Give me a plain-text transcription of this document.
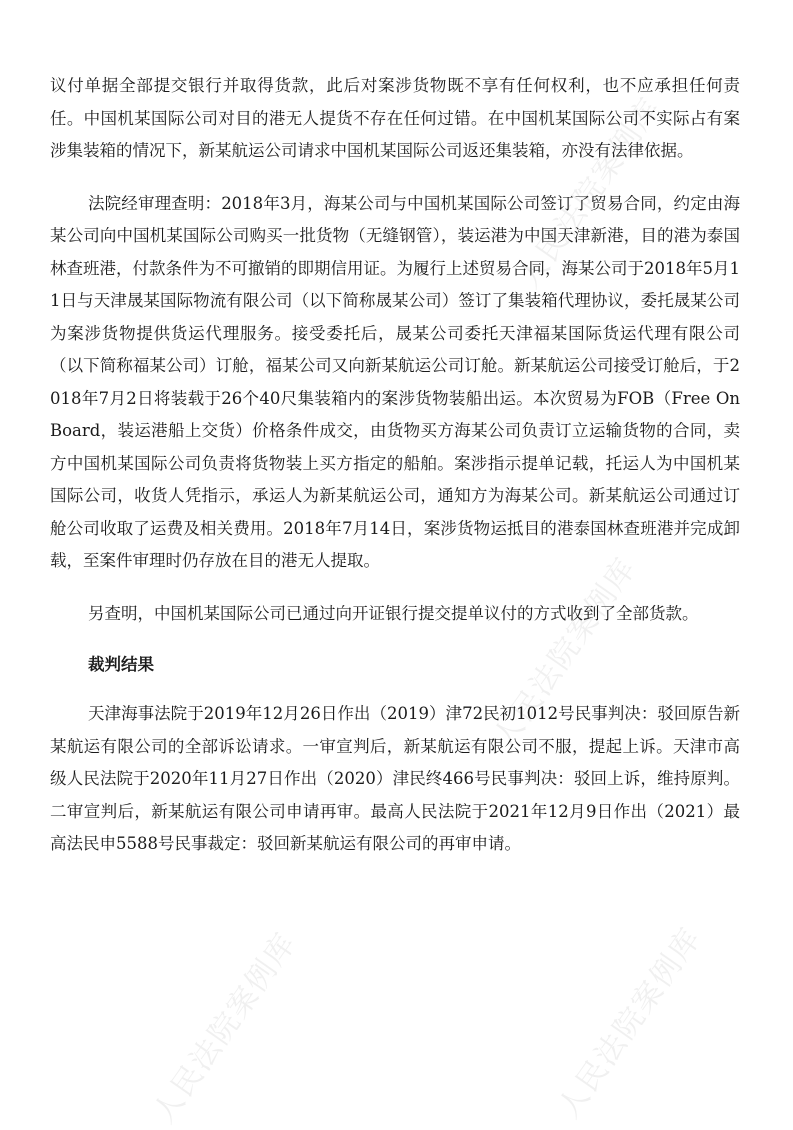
人民法院案例库
人民法院案例库
人民法院案例库	人民法院案例库

议付单据全部提交银行并取得货款，此后对案涉货物既不享有任何权利，也不应承担任何责任。中国机某国际公司对目的港无人提货不存在任何过错。在中国机某国际公司不实际占有案涉集装箱的情况下，新某航运公司请求中国机某国际公司返还集装箱，亦没有法律依据。

法院经审理查明：2018年3月，海某公司与中国机某国际公司签订了贸易合同，约定由海某公司向中国机某国际公司购买一批货物（无缝钢管），装运港为中国天津新港，目的港为泰国林查班港，付款条件为不可撤销的即期信用证。为履行上述贸易合同，海某公司于2018年5月11日与天津晟某国际物流有限公司（以下简称晟某公司）签订了集装箱代理协议，委托晟某公司为案涉货物提供货运代理服务。接受委托后，晟某公司委托天津福某国际货运代理有限公司（以下简称福某公司）订舱，福某公司又向新某航运公司订舱。新某航运公司接受订舱后，于2018年7月2日将装载于26个40尺集装箱内的案涉货物装船出运。本次贸易为FOB（Free On Board，装运港船上交货）价格条件成交，由货物买方海某公司负责订立运输货物的合同，卖方中国机某国际公司负责将货物装上买方指定的船舶。案涉指示提单记载，托运人为中国机某国际公司，收货人凭指示，承运人为新某航运公司，通知方为海某公司。新某航运公司通过订舱公司收取了运费及相关费用。2018年7月14日，案涉货物运抵目的港泰国林查班港并完成卸载，至案件审理时仍存放在目的港无人提取。

另查明，中国机某国际公司已通过向开证银行提交提单议付的方式收到了全部货款。

裁判结果

天津海事法院于2019年12月26日作出（2019）津72民初1012号民事判决：驳回原告新某航运有限公司的全部诉讼请求。一审宣判后，新某航运有限公司不服，提起上诉。天津市高级人民法院于2020年11月27日作出（2020）津民终466号民事判决：驳回上诉，维持原判。二审宣判后，新某航运有限公司申请再审。最高人民法院于2021年12月9日作出（2021）最高法民申5588号民事裁定：驳回新某航运有限公司的再审申请。
